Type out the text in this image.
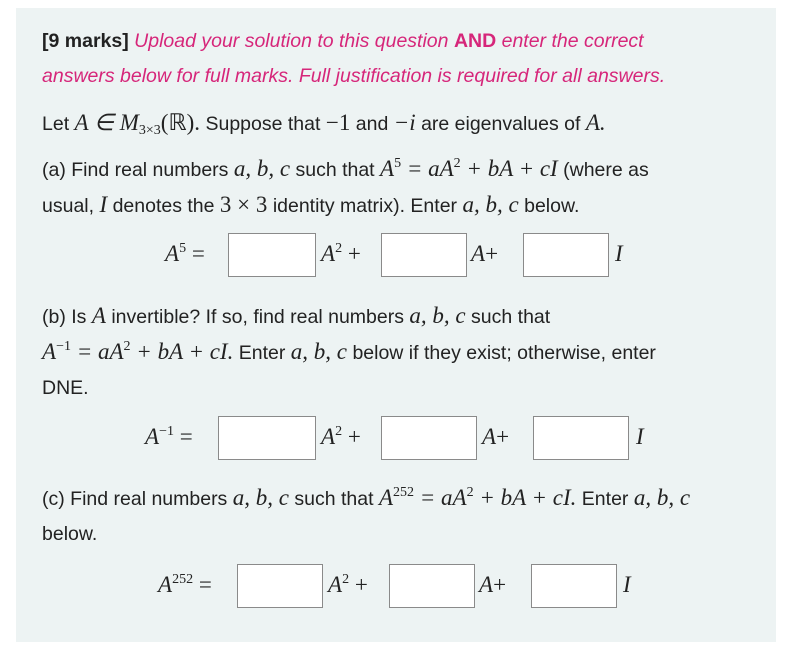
[9 marks] Upload your solution to this question AND enter the correct
answers below for full marks. Full justification is required for all answers.
Let A ∈ $M_{3\times 3}(ℝ)$. Suppose that −1 and −i are eigenvalues of A.
(a) Find real numbers a, b, c such that $A^5 = aA^2$ + bA + cI (where as
usual, I denotes the 3 × 3 identity matrix). Enter a, b, c below.
$A^5$ =	$A^2$ +	A+	I
(b) Is A invertible? If so, find real numbers a, b, c such that
$A^{-1} = aA^2$ + bA + cI. Enter a, b, c below if they exist; otherwise, enter
DNE.
$A^{-1}$ =	$A^2$ +	A+	I
(c) Find real numbers a, b, c such that $A^{252} = aA^2$ + bA + cI. Enter a, b, c
below.
$A^{252}$ =	$A^2$ +	A+	I
